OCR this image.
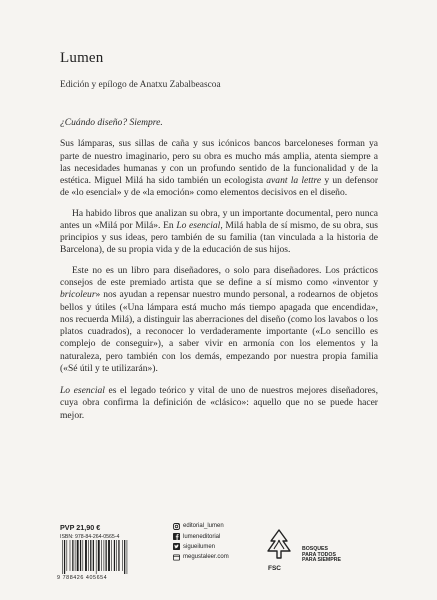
Lumen
Edición y epílogo de Anatxu Zabalbeascoa

¿Cuándo diseño? Siempre.

Sus lámparas, sus sillas de caña y sus icónicos bancos barceloneses forman ya parte de nuestro imaginario, pero su obra es mucho más amplia, atenta siempre a las necesidades humanas y con un profundo sentido de la funcionalidad y de la estética. Miguel Milá ha sido también un ecologista avant la lettre y un defensor de «lo esencial» y de «la emoción» como elementos decisivos en el diseño.

Ha habido libros que analizan su obra, y un importante documental, pero nunca antes un «Milá por Milá». En Lo esencial, Milá habla de sí mismo, de su obra, sus principios y sus ideas, pero también de su familia (tan vinculada a la historia de Barcelona), de su propia vida y de la educación de sus hijos.

Este no es un libro para diseñadores, o solo para diseñadores. Los prácticos consejos de este premiado artista que se define a sí mismo como «inventor y bricoleur» nos ayudan a repensar nuestro mundo personal, a rodearnos de objetos bellos y útiles («Una lámpara está mucho más tiempo apagada que encendida», nos recuerda Milá), a distinguir las aberraciones del diseño (como los lavabos o los platos cuadrados), a reconocer lo verdaderamente importante («Lo sencillo es complejo de conseguir»), a saber vivir en armonía con los elementos y la naturaleza, pero también con los demás, empezando por nuestra propia familia («Sé útil y te utilizarán»).

Lo esencial es el legado teórico y vital de uno de nuestros mejores diseñadores, cuya obra confirma la definición de «clásico»: aquello que no se puede hacer mejor.

PVP 21,90 €
ISBN: 978-84-264-0565-4
9 788426 405654
editorial_lumen
lumeneditorial
sigueilumen
megustaleer.com
FSC
BOSQUES
PARA TODOS
PARA SIEMPRE
